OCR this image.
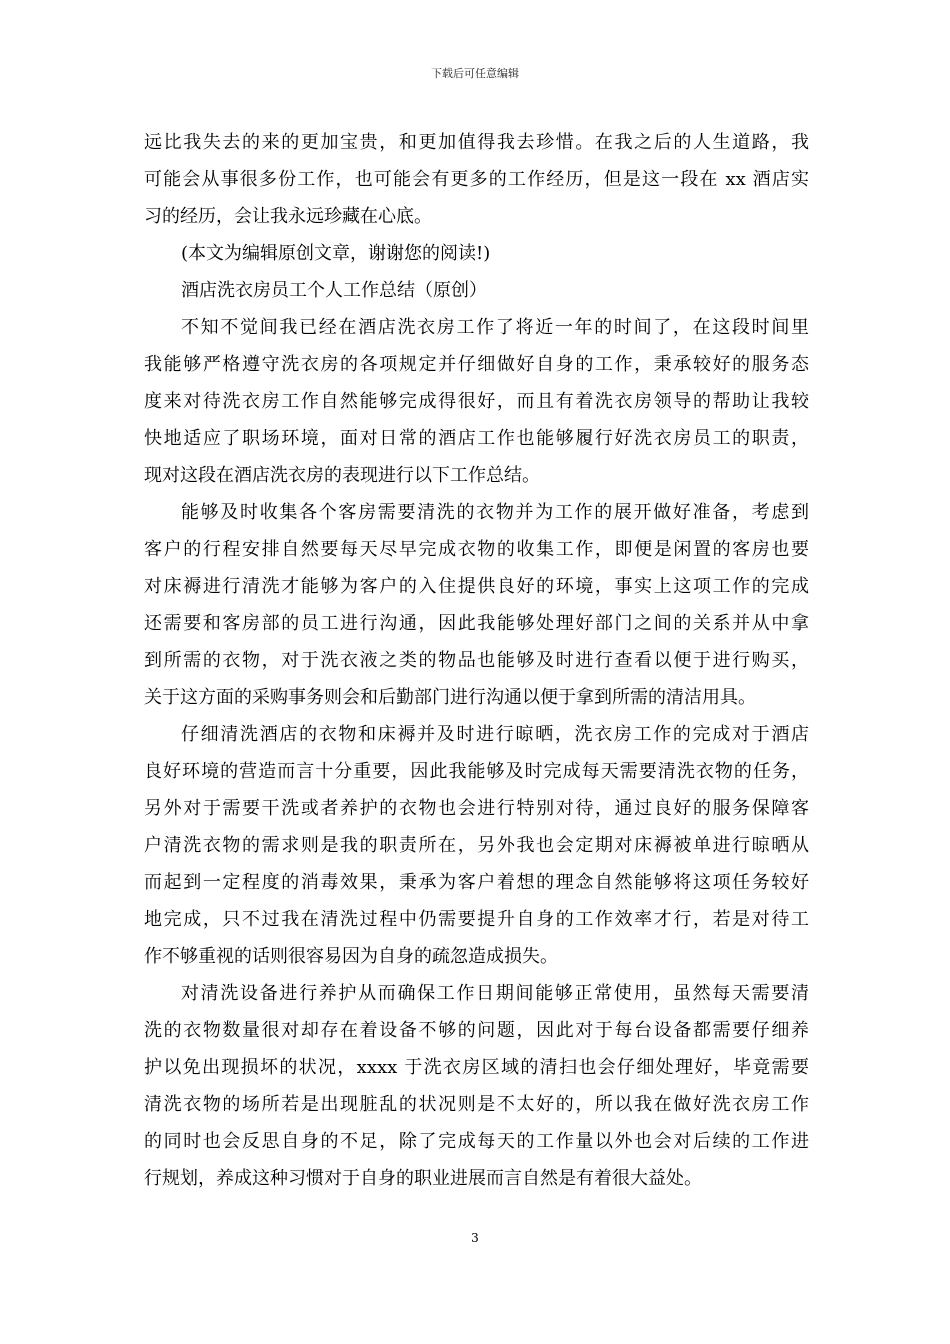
下载后可任意编辑
远比我失去的来的更加宝贵，和更加值得我去珍惜。在我之后的人生道路，我
可能会从事很多份工作，也可能会有更多的工作经历，但是这一段在 xx 酒店实
习的经历，会让我永远珍藏在心底。
(本文为编辑原创文章，谢谢您的阅读!)
酒店洗衣房员工个人工作总结（原创）
不知不觉间我已经在酒店洗衣房工作了将近一年的时间了，在这段时间里
我能够严格遵守洗衣房的各项规定并仔细做好自身的工作，秉承较好的服务态
度来对待洗衣房工作自然能够完成得很好，而且有着洗衣房领导的帮助让我较
快地适应了职场环境，面对日常的酒店工作也能够履行好洗衣房员工的职责，
现对这段在酒店洗衣房的表现进行以下工作总结。
能够及时收集各个客房需要清洗的衣物并为工作的展开做好准备，考虑到
客户的行程安排自然要每天尽早完成衣物的收集工作，即便是闲置的客房也要
对床褥进行清洗才能够为客户的入住提供良好的环境，事实上这项工作的完成
还需要和客房部的员工进行沟通，因此我能够处理好部门之间的关系并从中拿
到所需的衣物，对于洗衣液之类的物品也能够及时进行查看以便于进行购买，
关于这方面的采购事务则会和后勤部门进行沟通以便于拿到所需的清洁用具。
仔细清洗酒店的衣物和床褥并及时进行晾晒，洗衣房工作的完成对于酒店
良好环境的营造而言十分重要，因此我能够及时完成每天需要清洗衣物的任务，
另外对于需要干洗或者养护的衣物也会进行特别对待，通过良好的服务保障客
户清洗衣物的需求则是我的职责所在，另外我也会定期对床褥被单进行晾晒从
而起到一定程度的消毒效果，秉承为客户着想的理念自然能够将这项任务较好
地完成，只不过我在清洗过程中仍需要提升自身的工作效率才行，若是对待工
作不够重视的话则很容易因为自身的疏忽造成损失。
对清洗设备进行养护从而确保工作日期间能够正常使用，虽然每天需要清
洗的衣物数量很对却存在着设备不够的问题，因此对于每台设备都需要仔细养
护以免出现损坏的状况，xxxx 于洗衣房区域的清扫也会仔细处理好，毕竟需要
清洗衣物的场所若是出现脏乱的状况则是不太好的，所以我在做好洗衣房工作
的同时也会反思自身的不足，除了完成每天的工作量以外也会对后续的工作进
行规划，养成这种习惯对于自身的职业进展而言自然是有着很大益处。
3
